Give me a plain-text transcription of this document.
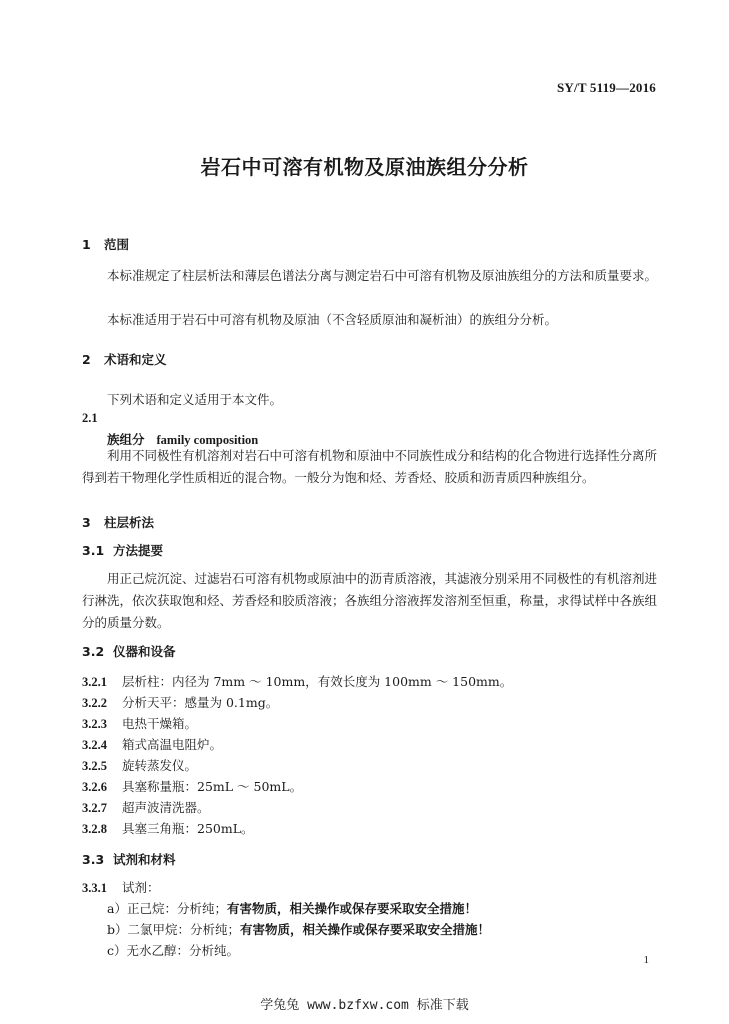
SY/T 5119—2016
岩石中可溶有机物及原油族组分分析
1 范围
本标准规定了柱层析法和薄层色谱法分离与测定岩石中可溶有机物及原油族组分的方法和质量要求。
本标准适用于岩石中可溶有机物及原油（不含轻质原油和凝析油）的族组分分析。
2 术语和定义
下列术语和定义适用于本文件。
2.1
族组分 family composition
利用不同极性有机溶剂对岩石中可溶有机物和原油中不同族性成分和结构的化合物进行选择性分离所得到若干物理化学性质相近的混合物。一般分为饱和烃、芳香烃、胶质和沥青质四种族组分。
3 柱层析法
3.1 方法提要
用正己烷沉淀、过滤岩石可溶有机物或原油中的沥青质溶液，其滤液分别采用不同极性的有机溶剂进行淋洗，依次获取饱和烃、芳香烃和胶质溶液；各族组分溶液挥发溶剂至恒重，称量，求得试样中各族组分的质量分数。
3.2 仪器和设备
3.2.1 层析柱：内径为 7mm ～ 10mm，有效长度为 100mm ～ 150mm。
3.2.2 分析天平：感量为 0.1mg。
3.2.3 电热干燥箱。
3.2.4 箱式高温电阻炉。
3.2.5 旋转蒸发仪。
3.2.6 具塞称量瓶：25mL ～ 50mL。
3.2.7 超声波清洗器。
3.2.8 具塞三角瓶：250mL。
3.3 试剂和材料
3.3.1 试剂：
a）正己烷：分析纯；有害物质，相关操作或保存要采取安全措施！
b）二氯甲烷：分析纯；有害物质，相关操作或保存要采取安全措施！
c）无水乙醇：分析纯。
1
学兔兔 www.bzfxw.com 标准下载
